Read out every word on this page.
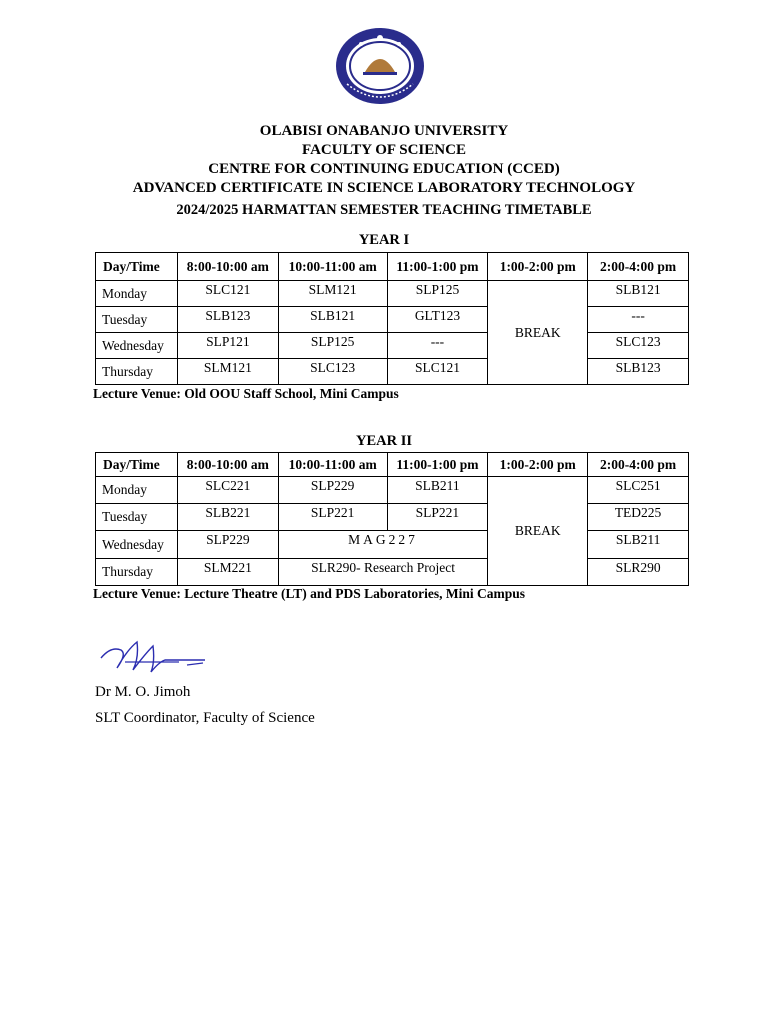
OLABISI ONABANJO UNIVERSITY
FACULTY OF SCIENCE
CENTRE FOR CONTINUING EDUCATION (CCED)
ADVANCED CERTIFICATE IN SCIENCE LABORATORY TECHNOLOGY
2024/2025 HARMATTAN SEMESTER TEACHING TIMETABLE
YEAR I
Day/Time	8:00-10:00 am	10:00-11:00 am	11:00-1:00 pm	1:00-2:00 pm	2:00-4:00 pm
Monday	SLC121	SLM121	SLP125	BREAK	SLB121
Tuesday	SLB123	SLB121	GLT123		---
Wednesday	SLP121	SLP125	---		SLC123
Thursday	SLM121	SLC123	SLC121		SLB123
Lecture Venue: Old OOU Staff School, Mini Campus
YEAR II
Day/Time	8:00-10:00 am	10:00-11:00 am	11:00-1:00 pm	1:00-2:00 pm	2:00-4:00 pm
Monday	SLC221	SLP229	SLB211	BREAK	SLC251
Tuesday	SLB221	SLP221	SLP221		TED225
Wednesday	SLP229	MAG227			SLB211
Thursday	SLM221	SLR290- Research Project			SLR290
Lecture Venue: Lecture Theatre (LT) and PDS Laboratories, Mini Campus
Dr M. O. Jimoh
SLT Coordinator, Faculty of Science
